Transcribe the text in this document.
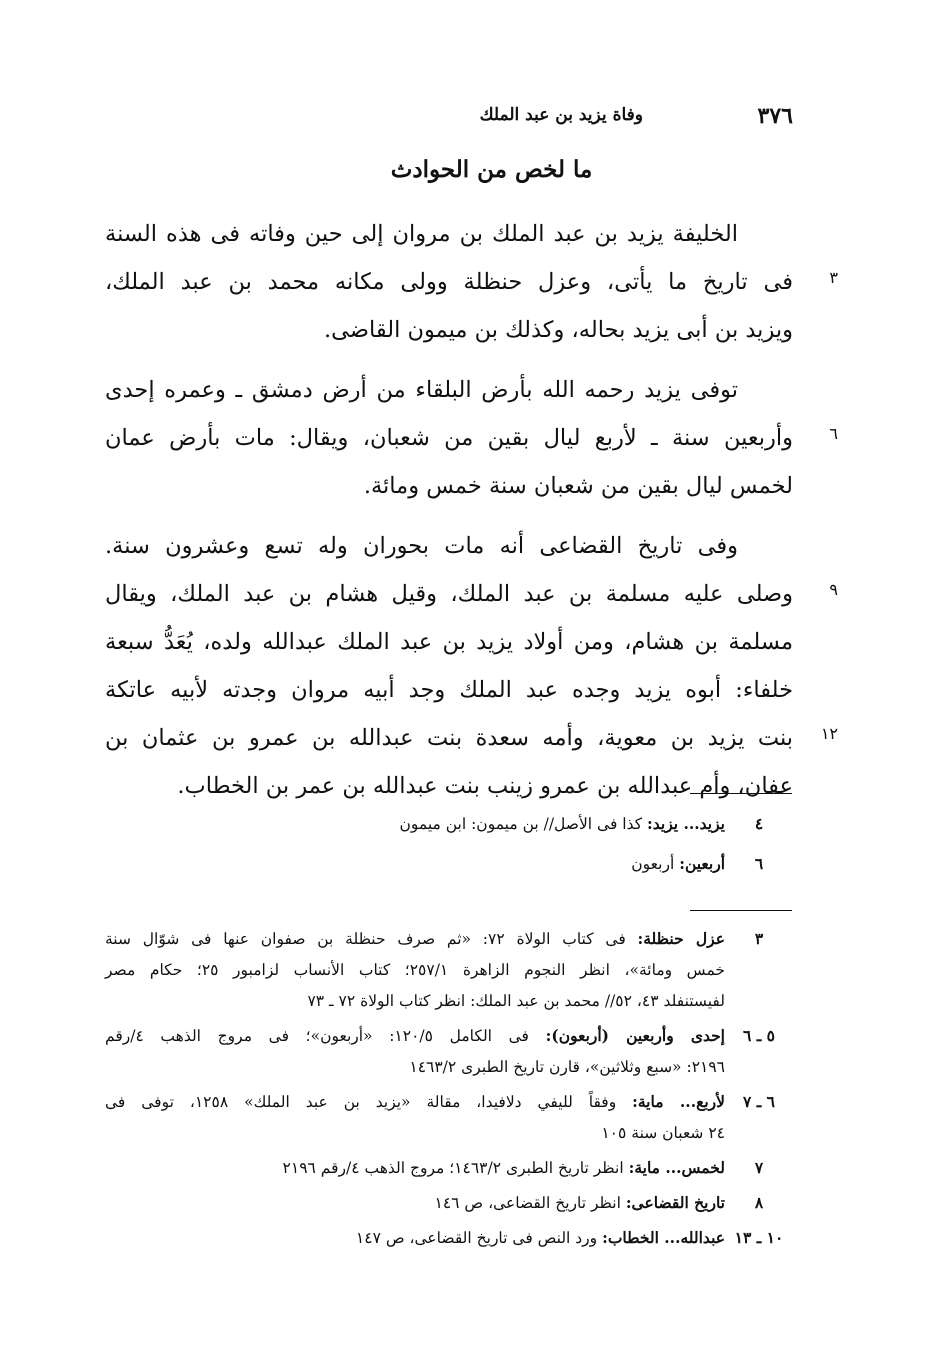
٣٧٦
وفاة يزيد بن عبد الملك
ما لخص من الحوادث
الخليفة يزيد بن عبد الملك بن مروان إلى حين وفاته فى هذه السنة
فى تاريخ ما يأتى، وعزل حنظلة وولى مكانه محمد بن عبد الملك، ٣
ويزيد بن أبى يزيد بحاله، وكذلك بن ميمون القاضى.
توفى يزيد رحمه الله بأرض البلقاء من أرض دمشق ـ وعمره إحدى
وأربعين سنة ـ لأربع ليال بقين من شعبان، ويقال: مات بأرض عمان ٦
لخمس ليال بقين من شعبان سنة خمس ومائة.
وفى تاريخ القضاعى أنه مات بحوران وله تسع وعشرون سنة.
وصلى عليه مسلمة بن عبد الملك، وقيل هشام بن عبد الملك، ويقال ٩
مسلمة بن هشام، ومن أولاد يزيد بن عبد الملك عبدالله ولده، يُعَدُّ سبعة
خلفاء: أبوه يزيد وجده عبد الملك وجد أبيه مروان وجدته لأبيه عاتكة
بنت يزيد بن معوية، وأمه سعدة بنت عبدالله بن عمرو بن عثمان بن ١٢
عفان، وأم عبدالله بن عمرو زينب بنت عبدالله بن عمر بن الخطاب.
٤
يزيد... يزيد: كذا فى الأصل// بن ميمون: ابن ميمون
٦
أربعين: أربعون
٣
عزل حنظلة: فى كتاب الولاة ٧٢: «ثم صرف حنظلة بن صفوان عنها فى شوّال سنة
خمس ومائة»، انظر النجوم الزاهرة ٢٥٧/١؛ كتاب الأنساب لزامبور ٢٥؛ حكام مصر
لفيستنفلد ٤٣، ٥٢// محمد بن عبد الملك: انظر كتاب الولاة ٧٢ ـ ٧٣
٥ ـ ٦
إحدى وأربعين (أربعون): فى الكامل ١٢٠/٥: «أربعون»؛ فى مروج الذهب ٤/رقم
٢١٩٦: «سبع وثلاثين»، قارن تاريخ الطبرى ١٤٦٣/٢
٦ ـ ٧
لأربع... ماية: وفقاً لليفي دلافيدا، مقالة «يزيد بن عبد الملك» ١٢٥٨، توفى فى
٢٤ شعبان سنة ١٠٥
٧
لخمس... ماية: انظر تاريخ الطبرى ١٤٦٣/٢؛ مروج الذهب ٤/رقم ٢١٩٦
٨
تاريخ القضاعى: انظر تاريخ القضاعى، ص ١٤٦
١٠ ـ ١٣
عبدالله... الخطاب: ورد النص فى تاريخ القضاعى، ص ١٤٧
